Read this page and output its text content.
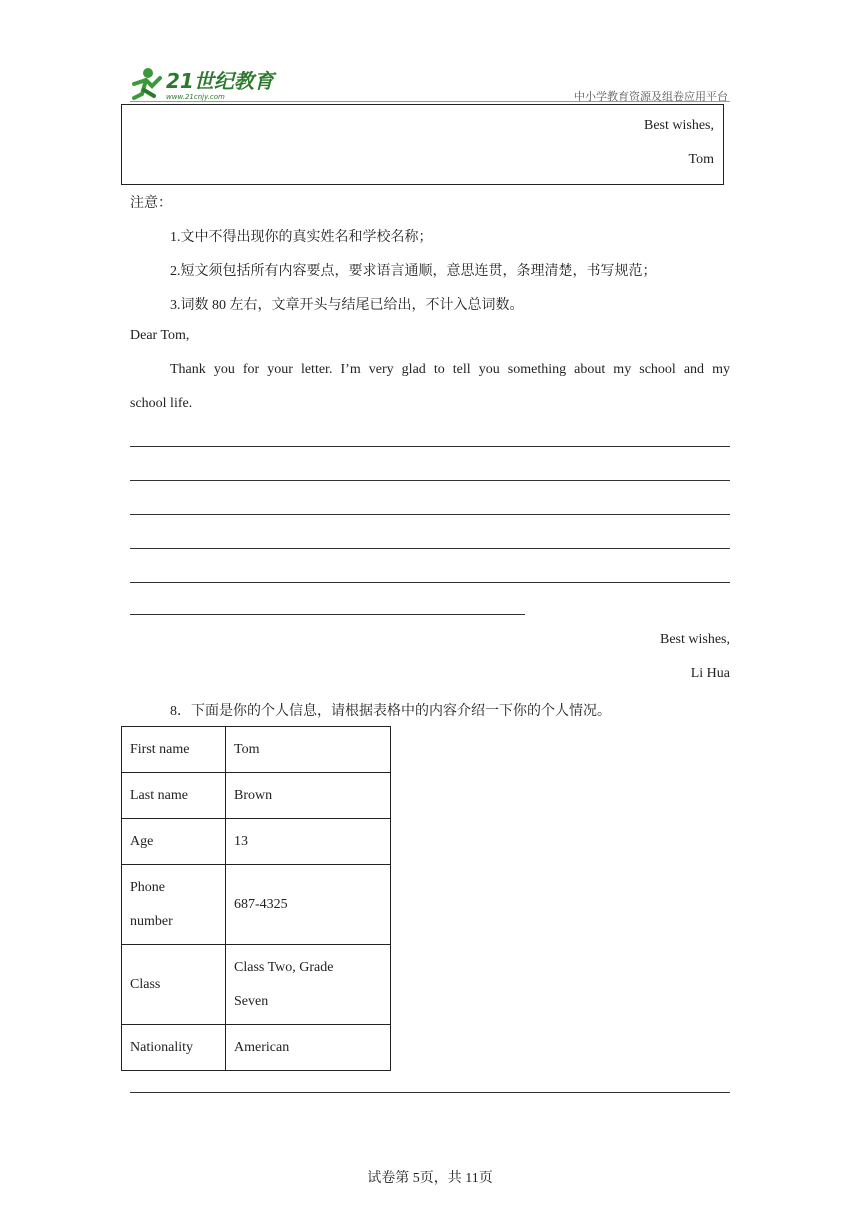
21世纪教育
www.21cnjy.com	中小学教育资源及组卷应用平台
Best wishes,
Tom
注意：
1.文中不得出现你的真实姓名和学校名称；
2.短文须包括所有内容要点，要求语言通顺，意思连贯，条理清楚，书写规范；
3.词数 80 左右，文章开头与结尾已给出，不计入总词数。
Dear Tom,
Thank you for your letter. I’m very glad to tell you something about my school and my
school life.
Best wishes,
Li Hua
8．下面是你的个人信息，请根据表格中的内容介绍一下你的个人情况。
First name	Tom
Last name	Brown
Age	13

Phone
number	687-4325
Class	Class Two, Grade
Seven

Nationality	American
试卷第 5页，共 11页
